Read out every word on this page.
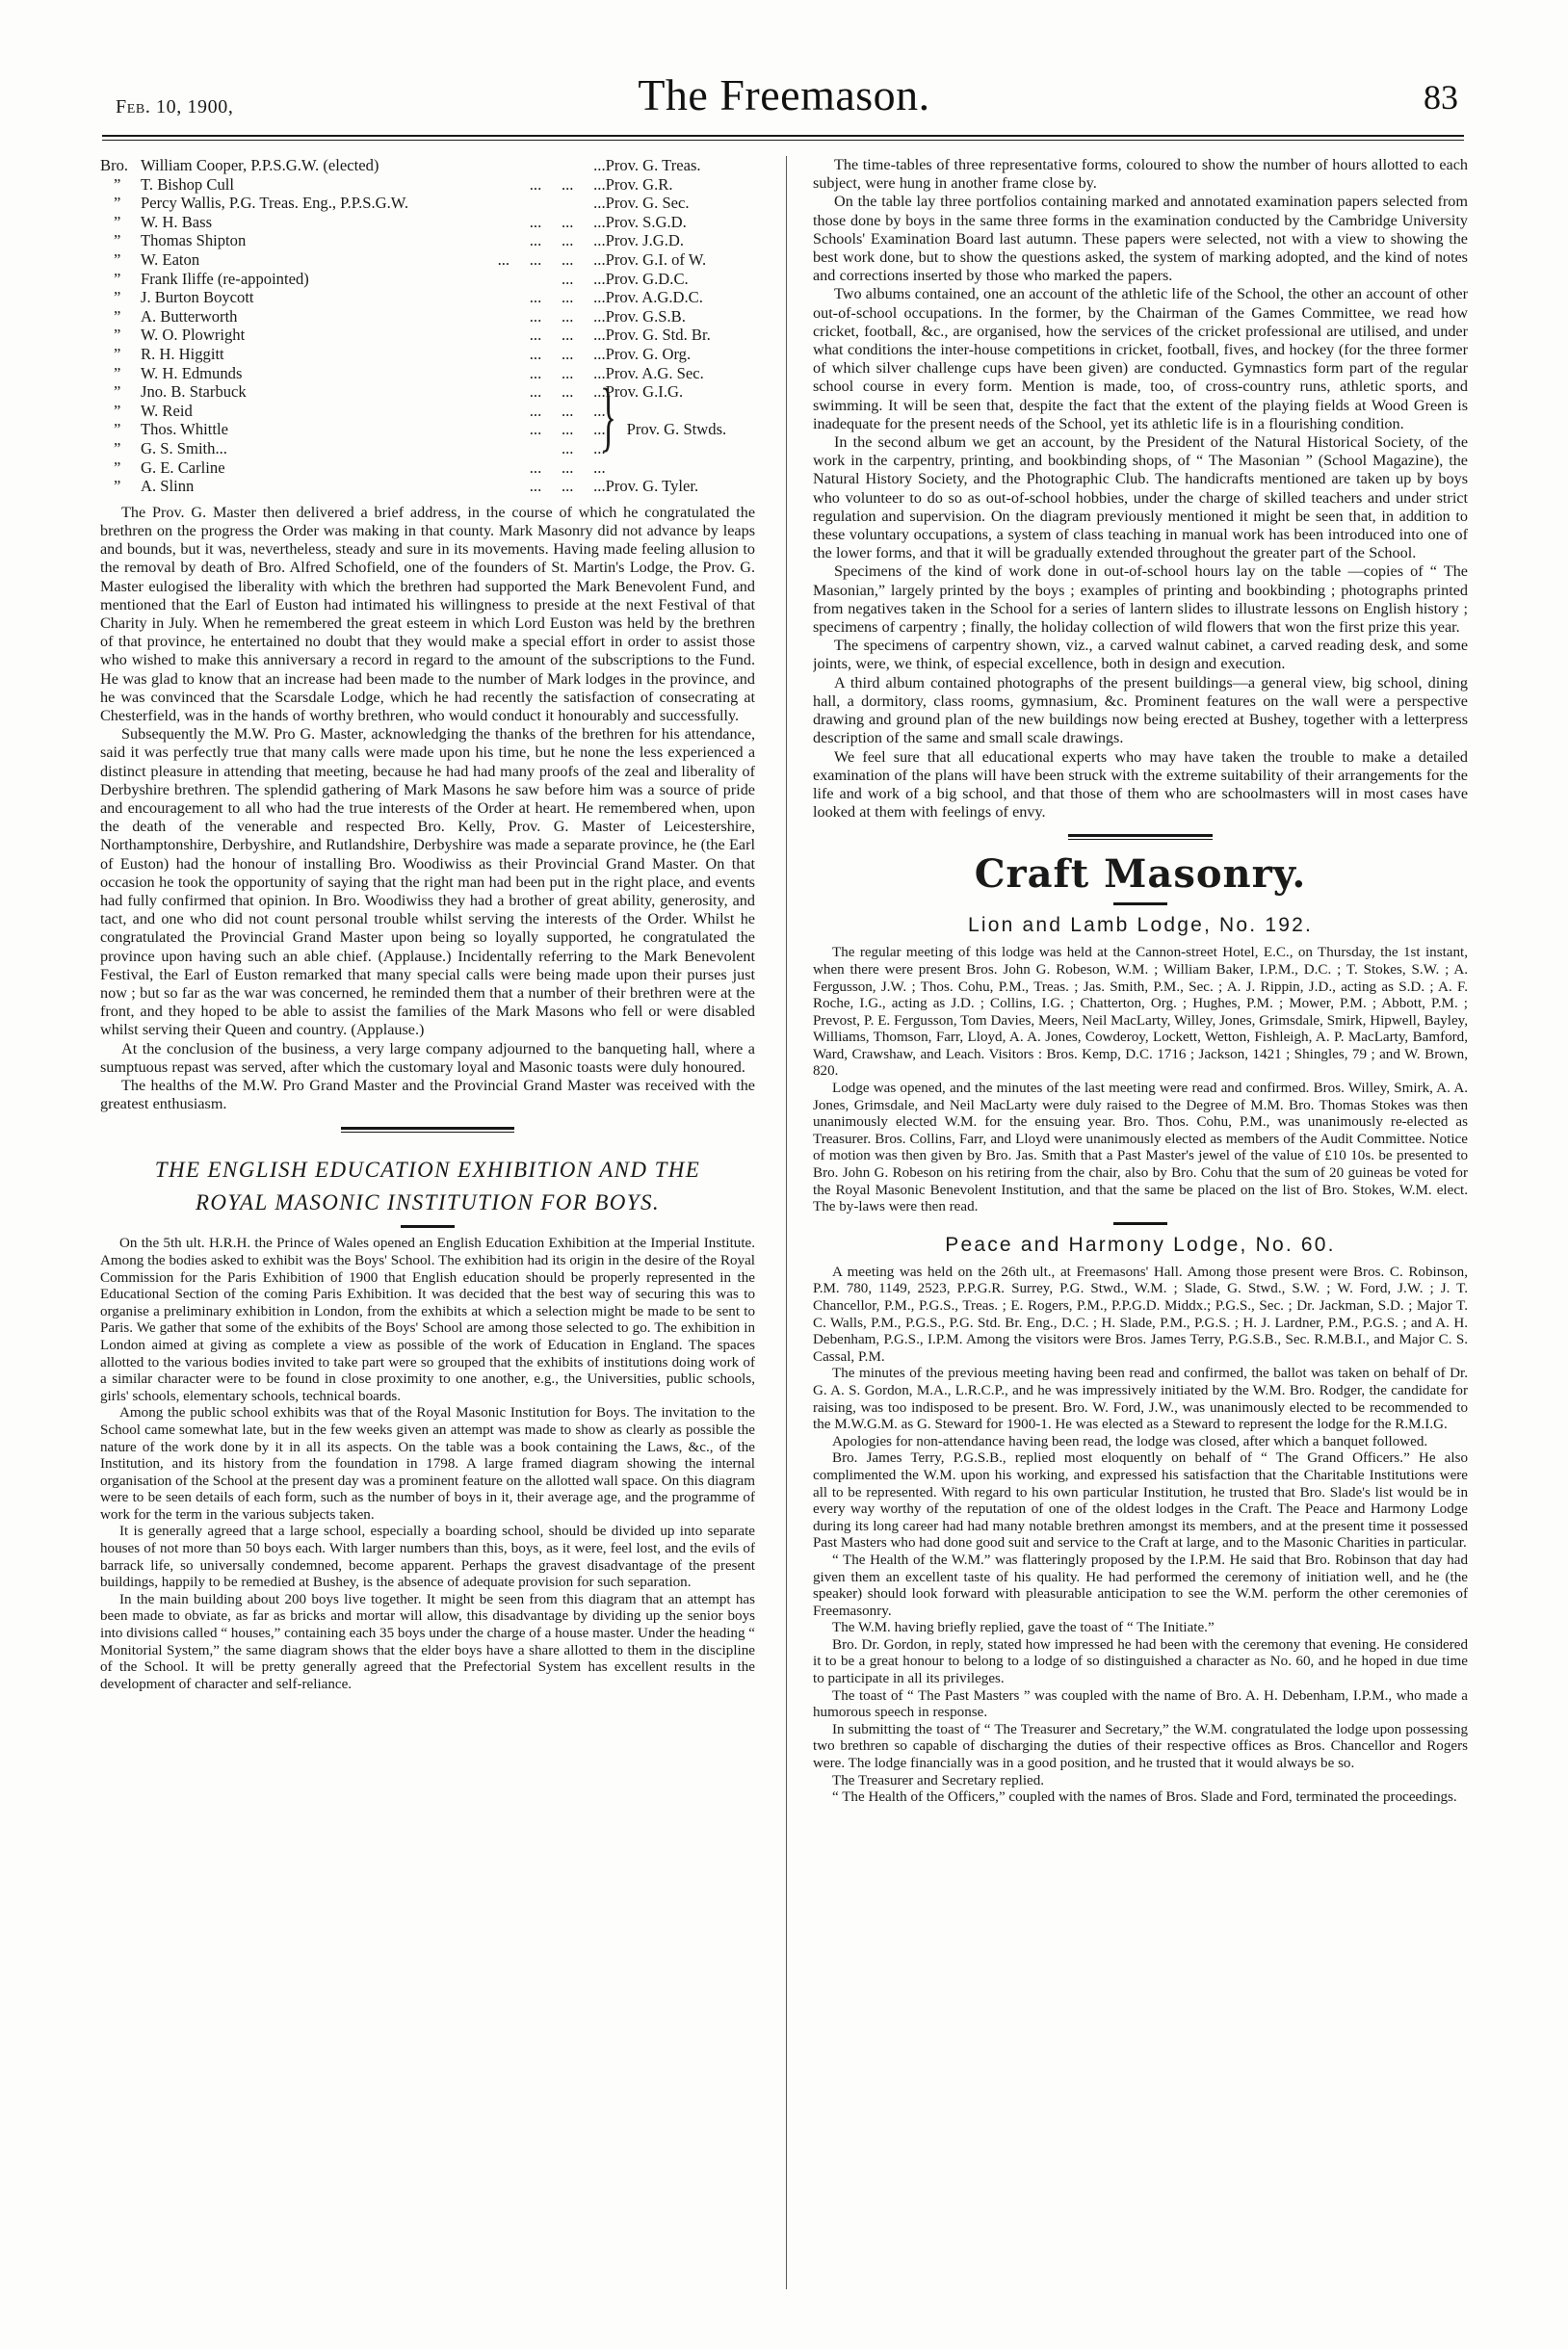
Feb. 10, 1900,	The Freemason.	83
Bro.	William Cooper, P.P.S.G.W. (elected)	...	Prov. G. Treas.
”	T. Bishop Cull	...     ...     ...	Prov. G.R.
”	Percy Wallis, P.G. Treas. Eng., P.P.S.G.W.	...	Prov. G. Sec.
”	W. H. Bass	...     ...     ...	Prov. S.G.D.
”	Thomas Shipton	...     ...     ...	Prov. J.G.D.
”	W. Eaton	...     ...     ...     ...	Prov. G.I. of W.
”	Frank Iliffe (re-appointed)	...     ...	Prov. G.D.C.
”	J. Burton Boycott	...     ...     ...	Prov. A.G.D.C.
”	A. Butterworth	...     ...     ...	Prov. G.S.B.
”	W. O. Plowright	...     ...     ...	Prov. G. Std. Br.
”	R. H. Higgitt	...     ...     ...	Prov. G. Org.
”	W. H. Edmunds	...     ...     ...	Prov. A.G. Sec.
”	Jno. B. Starbuck	...     ...     ...	Prov. G.I.G.
”	W. Reid	...     ...     ...	
”	Thos. Whittle	...     ...     ...	} Prov. G. Stwds.
”	G. S. Smith...	...     ...	
”	G. E. Carline	...     ...     ...	
”	A. Slinn	...     ...     ...	Prov. G. Tyler.

The Prov. G. Master then delivered a brief address, in the course of which he congratulated the brethren on the progress the Order was making in that county. Mark Masonry did not advance by leaps and bounds, but it was, nevertheless, steady and sure in its movements. Having made feeling allusion to the removal by death of Bro. Alfred Schofield, one of the founders of St. Martin's Lodge, the Prov. G. Master eulogised the liberality with which the brethren had supported the Mark Benevolent Fund, and mentioned that the Earl of Euston had intimated his willingness to preside at the next Festival of that Charity in July. When he remembered the great esteem in which Lord Euston was held by the brethren of that province, he entertained no doubt that they would make a special effort in order to assist those who wished to make this anniversary a record in regard to the amount of the subscriptions to the Fund. He was glad to know that an increase had been made to the number of Mark lodges in the province, and he was convinced that the Scarsdale Lodge, which he had recently the satisfaction of consecrating at Chesterfield, was in the hands of worthy brethren, who would conduct it honourably and successfully.

Subsequently the M.W. Pro G. Master, acknowledging the thanks of the brethren for his attendance, said it was perfectly true that many calls were made upon his time, but he none the less experienced a distinct pleasure in attending that meeting, because he had had many proofs of the zeal and liberality of Derbyshire brethren. The splendid gathering of Mark Masons he saw before him was a source of pride and encouragement to all who had the true interests of the Order at heart. He remembered when, upon the death of the venerable and respected Bro. Kelly, Prov. G. Master of Leicestershire, Northamptonshire, Derbyshire, and Rutlandshire, Derbyshire was made a separate province, he (the Earl of Euston) had the honour of installing Bro. Woodiwiss as their Provincial Grand Master. On that occasion he took the opportunity of saying that the right man had been put in the right place, and events had fully confirmed that opinion. In Bro. Woodiwiss they had a brother of great ability, generosity, and tact, and one who did not count personal trouble whilst serving the interests of the Order. Whilst he congratulated the Provincial Grand Master upon being so loyally supported, he congratulated the province upon having such an able chief. (Applause.) Incidentally referring to the Mark Benevolent Festival, the Earl of Euston remarked that many special calls were being made upon their purses just now ; but so far as the war was concerned, he reminded them that a number of their brethren were at the front, and they hoped to be able to assist the families of the Mark Masons who fell or were disabled whilst serving their Queen and country. (Applause.)

At the conclusion of the business, a very large company adjourned to the banqueting hall, where a sumptuous repast was served, after which the customary loyal and Masonic toasts were duly honoured.

The healths of the M.W. Pro Grand Master and the Provincial Grand Master was received with the greatest enthusiasm.

THE ENGLISH EDUCATION EXHIBITION AND THE
ROYAL MASONIC INSTITUTION FOR BOYS.

On the 5th ult. H.R.H. the Prince of Wales opened an English Education Exhibition at the Imperial Institute. Among the bodies asked to exhibit was the Boys' School. The exhibition had its origin in the desire of the Royal Commission for the Paris Exhibition of 1900 that English education should be properly represented in the Educational Section of the coming Paris Exhibition. It was decided that the best way of securing this was to organise a preliminary exhibition in London, from the exhibits at which a selection might be made to be sent to Paris. We gather that some of the exhibits of the Boys' School are among those selected to go. The exhibition in London aimed at giving as complete a view as possible of the work of Education in England. The spaces allotted to the various bodies invited to take part were so grouped that the exhibits of institutions doing work of a similar character were to be found in close proximity to one another, e.g., the Universities, public schools, girls' schools, elementary schools, technical boards.

Among the public school exhibits was that of the Royal Masonic Institution for Boys. The invitation to the School came somewhat late, but in the few weeks given an attempt was made to show as clearly as possible the nature of the work done by it in all its aspects. On the table was a book containing the Laws, &c., of the Institution, and its history from the foundation in 1798. A large framed diagram showing the internal organisation of the School at the present day was a prominent feature on the allotted wall space. On this diagram were to be seen details of each form, such as the number of boys in it, their average age, and the programme of work for the term in the various subjects taken.

It is generally agreed that a large school, especially a boarding school, should be divided up into separate houses of not more than 50 boys each. With larger numbers than this, boys, as it were, feel lost, and the evils of barrack life, so universally condemned, become apparent. Perhaps the gravest disadvantage of the present buildings, happily to be remedied at Bushey, is the absence of adequate provision for such separation.

In the main building about 200 boys live together. It might be seen from this diagram that an attempt has been made to obviate, as far as bricks and mortar will allow, this disadvantage by dividing up the senior boys into divisions called “ houses,” containing each 35 boys under the charge of a house master. Under the heading “ Monitorial System,” the same diagram shows that the elder boys have a share allotted to them in the discipline of the School. It will be pretty generally agreed that the Prefectorial System has excellent results in the development of character and self-reliance.

The time-tables of three representative forms, coloured to show the number of hours allotted to each subject, were hung in another frame close by.

On the table lay three portfolios containing marked and annotated examination papers selected from those done by boys in the same three forms in the examination conducted by the Cambridge University Schools' Examination Board last autumn. These papers were selected, not with a view to showing the best work done, but to show the questions asked, the system of marking adopted, and the kind of notes and corrections inserted by those who marked the papers.

Two albums contained, one an account of the athletic life of the School, the other an account of other out-of-school occupations. In the former, by the Chairman of the Games Committee, we read how cricket, football, &c., are organised, how the services of the cricket professional are utilised, and under what conditions the inter-house competitions in cricket, football, fives, and hockey (for the three former of which silver challenge cups have been given) are conducted. Gymnastics form part of the regular school course in every form. Mention is made, too, of cross-country runs, athletic sports, and swimming. It will be seen that, despite the fact that the extent of the playing fields at Wood Green is inadequate for the present needs of the School, yet its athletic life is in a flourishing condition.

In the second album we get an account, by the President of the Natural Historical Society, of the work in the carpentry, printing, and bookbinding shops, of “ The Masonian ” (School Magazine), the Natural History Society, and the Photographic Club. The handicrafts mentioned are taken up by boys who volunteer to do so as out-of-school hobbies, under the charge of skilled teachers and under strict regulation and supervision. On the diagram previously mentioned it might be seen that, in addition to these voluntary occupations, a system of class teaching in manual work has been introduced into one of the lower forms, and that it will be gradually extended throughout the greater part of the School.

Specimens of the kind of work done in out-of-school hours lay on the table —copies of “ The Masonian,” largely printed by the boys ; examples of printing and bookbinding ; photographs printed from negatives taken in the School for a series of lantern slides to illustrate lessons on English history ; specimens of carpentry ; finally, the holiday collection of wild flowers that won the first prize this year.

The specimens of carpentry shown, viz., a carved walnut cabinet, a carved reading desk, and some joints, were, we think, of especial excellence, both in design and execution.

A third album contained photographs of the present buildings—a general view, big school, dining hall, a dormitory, class rooms, gymnasium, &c. Prominent features on the wall were a perspective drawing and ground plan of the new buildings now being erected at Bushey, together with a letterpress description of the same and small scale drawings.

We feel sure that all educational experts who may have taken the trouble to make a detailed examination of the plans will have been struck with the extreme suitability of their arrangements for the life and work of a big school, and that those of them who are schoolmasters will in most cases have looked at them with feelings of envy.

Craft Masonry.
Lion and Lamb Lodge, No. 192.

The regular meeting of this lodge was held at the Cannon-street Hotel, E.C., on Thursday, the 1st instant, when there were present Bros. John G. Robeson, W.M. ; William Baker, I.P.M., D.C. ; T. Stokes, S.W. ; A. Fergusson, J.W. ; Thos. Cohu, P.M., Treas. ; Jas. Smith, P.M., Sec. ; A. J. Rippin, J.D., acting as S.D. ; A. F. Roche, I.G., acting as J.D. ; Collins, I.G. ; Chatterton, Org. ; Hughes, P.M. ; Mower, P.M. ; Abbott, P.M. ; Prevost, P. E. Fergusson, Tom Davies, Meers, Neil MacLarty, Willey, Jones, Grimsdale, Smirk, Hipwell, Bayley, Williams, Thomson, Farr, Lloyd, A. A. Jones, Cowderoy, Lockett, Wetton, Fishleigh, A. P. MacLarty, Bamford, Ward, Crawshaw, and Leach. Visitors : Bros. Kemp, D.C. 1716 ; Jackson, 1421 ; Shingles, 79 ; and W. Brown, 820.

Lodge was opened, and the minutes of the last meeting were read and confirmed. Bros. Willey, Smirk, A. A. Jones, Grimsdale, and Neil MacLarty were duly raised to the Degree of M.M. Bro. Thomas Stokes was then unanimously elected W.M. for the ensuing year. Bro. Thos. Cohu, P.M., was unanimously re-elected as Treasurer. Bros. Collins, Farr, and Lloyd were unanimously elected as members of the Audit Committee. Notice of motion was then given by Bro. Jas. Smith that a Past Master's jewel of the value of £10 10s. be presented to Bro. John G. Robeson on his retiring from the chair, also by Bro. Cohu that the sum of 20 guineas be voted for the Royal Masonic Benevolent Institution, and that the same be placed on the list of Bro. Stokes, W.M. elect. The by-laws were then read.

Peace and Harmony Lodge, No. 60.

A meeting was held on the 26th ult., at Freemasons' Hall. Among those present were Bros. C. Robinson, P.M. 780, 1149, 2523, P.P.G.R. Surrey, P.G. Stwd., W.M. ; Slade, G. Stwd., S.W. ; W. Ford, J.W. ; J. T. Chancellor, P.M., P.G.S., Treas. ; E. Rogers, P.M., P.P.G.D. Middx.; P.G.S., Sec. ; Dr. Jackman, S.D. ; Major T. C. Walls, P.M., P.G.S., P.G. Std. Br. Eng., D.C. ; H. Slade, P.M., P.G.S. ; H. J. Lardner, P.M., P.G.S. ; and A. H. Debenham, P.G.S., I.P.M. Among the visitors were Bros. James Terry, P.G.S.B., Sec. R.M.B.I., and Major C. S. Cassal, P.M.

The minutes of the previous meeting having been read and confirmed, the ballot was taken on behalf of Dr. G. A. S. Gordon, M.A., L.R.C.P., and he was impressively initiated by the W.M. Bro. Rodger, the candidate for raising, was too indisposed to be present. Bro. W. Ford, J.W., was unanimously elected to be recommended to the M.W.G.M. as G. Steward for 1900-1. He was elected as a Steward to represent the lodge for the R.M.I.G.

Apologies for non-attendance having been read, the lodge was closed, after which a banquet followed.

Bro. James Terry, P.G.S.B., replied most eloquently on behalf of “ The Grand Officers.” He also complimented the W.M. upon his working, and expressed his satisfaction that the Charitable Institutions were all to be represented. With regard to his own particular Institution, he trusted that Bro. Slade's list would be in every way worthy of the reputation of one of the oldest lodges in the Craft. The Peace and Harmony Lodge during its long career had had many notable brethren amongst its members, and at the present time it possessed Past Masters who had done good suit and service to the Craft at large, and to the Masonic Charities in particular.

“ The Health of the W.M.” was flatteringly proposed by the I.P.M. He said that Bro. Robinson that day had given them an excellent taste of his quality. He had performed the ceremony of initiation well, and he (the speaker) should look forward with pleasurable anticipation to see the W.M. perform the other ceremonies of Freemasonry.

The W.M. having briefly replied, gave the toast of “ The Initiate.”

Bro. Dr. Gordon, in reply, stated how impressed he had been with the ceremony that evening. He considered it to be a great honour to belong to a lodge of so distinguished a character as No. 60, and he hoped in due time to participate in all its privileges.

The toast of “ The Past Masters ” was coupled with the name of Bro. A. H. Debenham, I.P.M., who made a humorous speech in response.

In submitting the toast of “ The Treasurer and Secretary,” the W.M. congratulated the lodge upon possessing two brethren so capable of discharging the duties of their respective offices as Bros. Chancellor and Rogers were. The lodge financially was in a good position, and he trusted that it would always be so.

The Treasurer and Secretary replied.

“ The Health of the Officers,” coupled with the names of Bros. Slade and Ford, terminated the proceedings.
